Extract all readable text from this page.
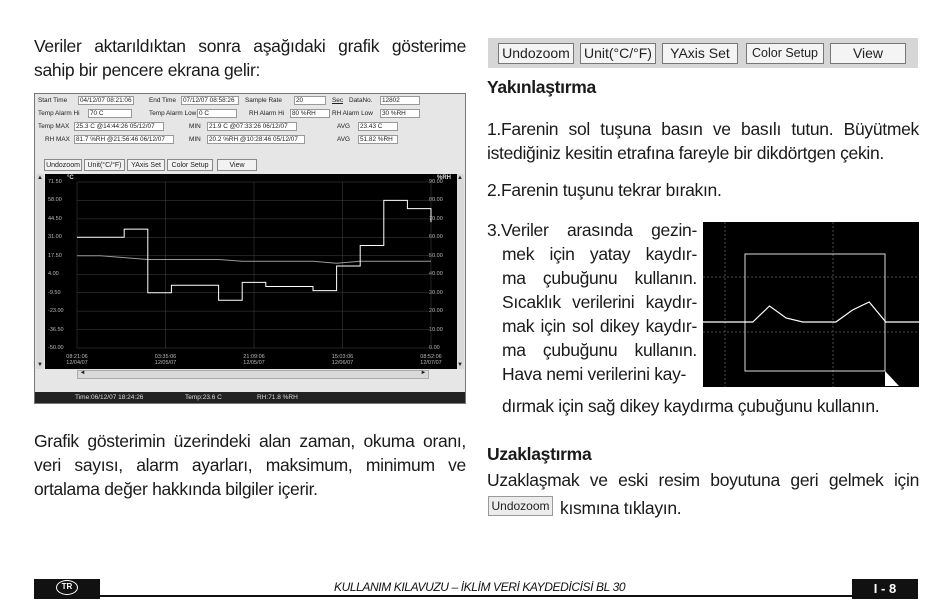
Veriler aktarıldıktan sonra aşağıdaki grafik gösterime sahip bir pencere ekrana gelir:
Start Time	04/12/07 08:21:06	End Time	07/12/07 08:58:26	Sample Rate	20	Sec DataNo.	12802
Temp Alarm Hi	70 C	Temp Alarm Low 0 C	RH Alarm Hi	80 %RH	RH Alarm Low	30 %RH
Temp MAX	25.3 C @14:44:26 05/12/07	MIN	21.9 C @07:33:26 06/12/07	AVG	23.43 C
RH MAX 81.7 %RH @21:56:46 06/12/07	MIN	20.2 %RH @10:28:46 05/12/07	AVG	51.82 %RH
Undozoom	Unit(°C/°F)	YAxis Set	Color Setup	View
▲
▼
▲
▼
°C	%RH
71.50
58.00
44.50
31.00
17.50
4.00
-9.50
-23.00
-36.50
-50.00
90.00
80.00
70.00
60.00
50.00
40.00
30.00
20.00
10.00
0.00
08:21:06
12/04/07
03:35:06
12/05/07
21:09:06
12/05/07
15:03:06
12/06/07
08:52:06
12/07/07
◄	►
Time:06/12/07 18:24:26	Temp:23.6 C	RH:71.8 %RH
Grafik gösterimin üzerindeki alan zaman, okuma oranı, veri sayısı, alarm ayarları, maksimum, minimum ve ortalama değer hakkında bilgiler içerir.
Undozoom Unit(°C/°F)	YAxis Set	Color Setup	View
Yakınlaştırma
1.Farenin sol tuşuna basın ve basılı tutun. Büyütmek istediğiniz kesitin etrafına fareyle bir dikdörtgen çekin.
2.Farenin tuşunu tekrar bırakın.
3.Veriler arasında gezin-
mek için yatay kaydır-
ma çubuğunu kullanın.
Sıcaklık verilerini kaydır-
mak için sol dikey kaydır-
ma çubuğunu kullanın.
Hava nemi verilerini kay-
dırmak için sağ dikey kaydırma çubuğunu kullanın.
Uzaklaştırma
Uzaklaşmak ve eski resim boyutuna geri gelmek için
Undozoom kısmına tıklayın.
TR	KULLANIM KILAVUZU – İKLİM VERİ KAYDEDİCİSİ BL 30	I - 8
